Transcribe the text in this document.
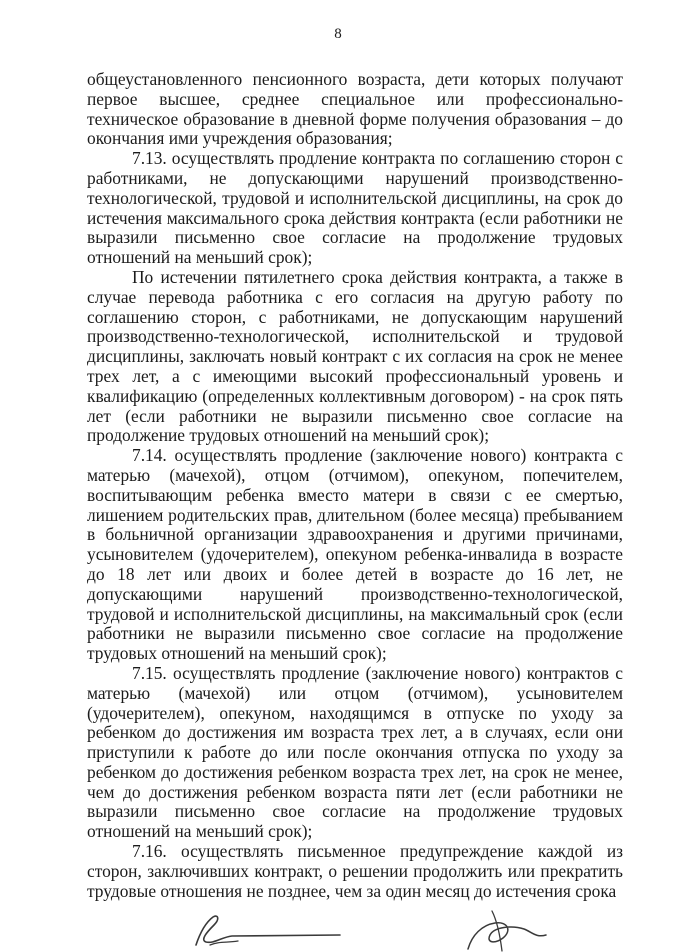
8

общеустановленного пенсионного возраста, дети которых получают первое высшее, среднее специальное или профессионально-техническое образование в дневной форме получения образования – до окончания ими учреждения образования;

7.13. осуществлять продление контракта по соглашению сторон с работниками, не допускающими нарушений производственно-технологической, трудовой и исполнительской дисциплины, на срок до истечения максимального срока действия контракта (если работники не выразили письменно свое согласие на продолжение трудовых отношений на меньший срок);

По истечении пятилетнего срока действия контракта, а также в случае перевода работника с его согласия на другую работу по соглашению сторон, с работниками, не допускающим нарушений производственно-технологической, исполнительской и трудовой дисциплины, заключать новый контракт с их согласия на срок не менее трех лет, а с имеющими высокий профессиональный уровень и квалификацию (определенных коллективным договором) - на срок пять лет (если работники не выразили письменно свое согласие на продолжение трудовых отношений на меньший срок);

7.14. осуществлять продление (заключение нового) контракта с матерью (мачехой), отцом (отчимом), опекуном, попечителем, воспитывающим ребенка вместо матери в связи с ее смертью, лишением родительских прав, длительном (более месяца) пребыванием в больничной организации здравоохранения и другими причинами, усыновителем (удочерителем), опекуном ребенка-инвалида в возрасте до 18 лет или двоих и более детей в возрасте до 16 лет, не допускающими нарушений производственно-технологической, трудовой и исполнительской дисциплины, на максимальный срок (если работники не выразили письменно свое согласие на продолжение трудовых отношений на меньший срок);

7.15. осуществлять продление (заключение нового) контрактов с матерью (мачехой) или отцом (отчимом), усыновителем (удочерителем), опекуном, находящимся в отпуске по уходу за ребенком до достижения им возраста трех лет, а в случаях, если они приступили к работе до или после окончания отпуска по уходу за ребенком до достижения ребенком возраста трех лет, на срок не менее, чем до достижения ребенком возраста пяти лет (если работники не выразили письменно свое согласие на продолжение трудовых отношений на меньший срок);

7.16. осуществлять письменное предупреждение каждой из сторон, заключивших контракт, о решении продолжить или прекратить трудовые отношения не позднее, чем за один месяц до истечения срока
